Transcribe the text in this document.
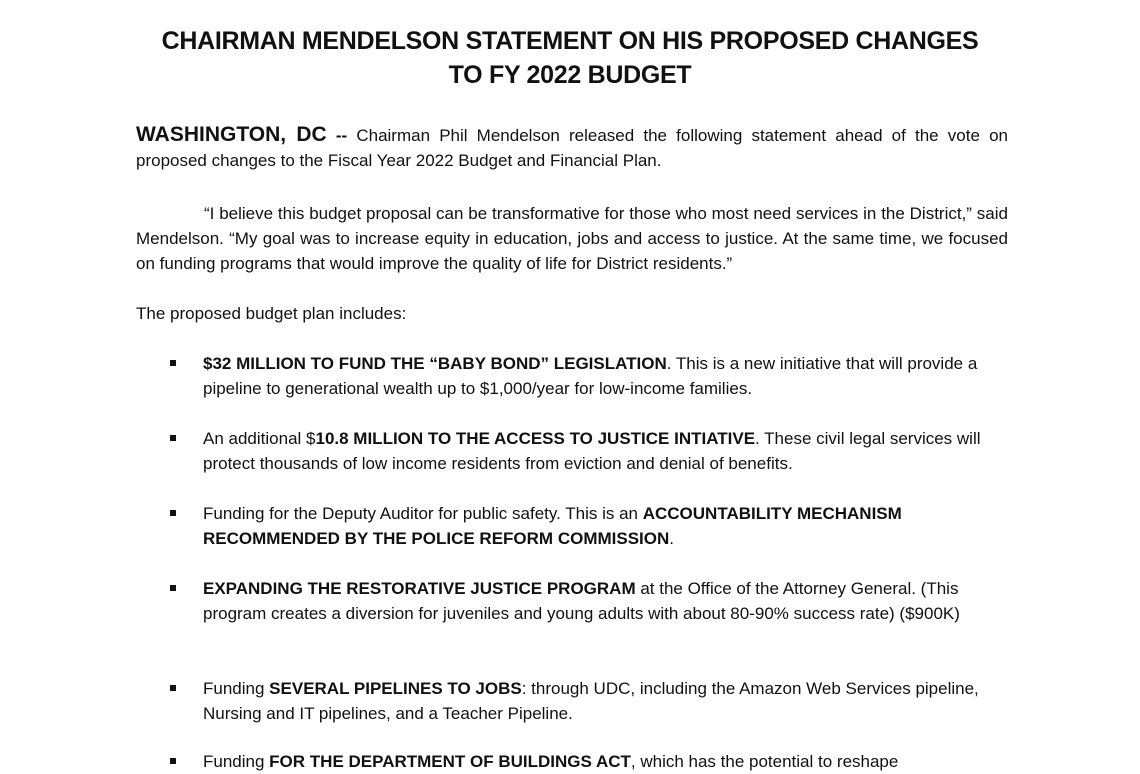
CHAIRMAN MENDELSON STATEMENT ON HIS PROPOSED CHANGES
TO FY 2022 BUDGET
WASHINGTON, DC -- Chairman Phil Mendelson released the following statement ahead of the vote on proposed changes to the Fiscal Year 2022 Budget and Financial Plan.
“I believe this budget proposal can be transformative for those who most need services in the District,” said Mendelson. “My goal was to increase equity in education, jobs and access to justice. At the same time, we focused on funding programs that would improve the quality of life for District residents.”
The proposed budget plan includes:
$32 MILLION TO FUND THE “BABY BOND” LEGISLATION. This is a new initiative that will provide a pipeline to generational wealth up to $1,000/year for low-income families.
An additional $10.8 MILLION TO THE ACCESS TO JUSTICE INTIATIVE. These civil legal services will protect thousands of low income residents from eviction and denial of benefits.
Funding for the Deputy Auditor for public safety. This is an ACCOUNTABILITY MECHANISM RECOMMENDED BY THE POLICE REFORM COMMISSION.
EXPANDING THE RESTORATIVE JUSTICE PROGRAM at the Office of the Attorney General. (This program creates a diversion for juveniles and young adults with about 80-90% success rate) ($900K)
Funding SEVERAL PIPELINES TO JOBS: through UDC, including the Amazon Web Services pipeline, Nursing and IT pipelines, and a Teacher Pipeline.
Funding FOR THE DEPARTMENT OF BUILDINGS ACT, which has the potential to reshape
